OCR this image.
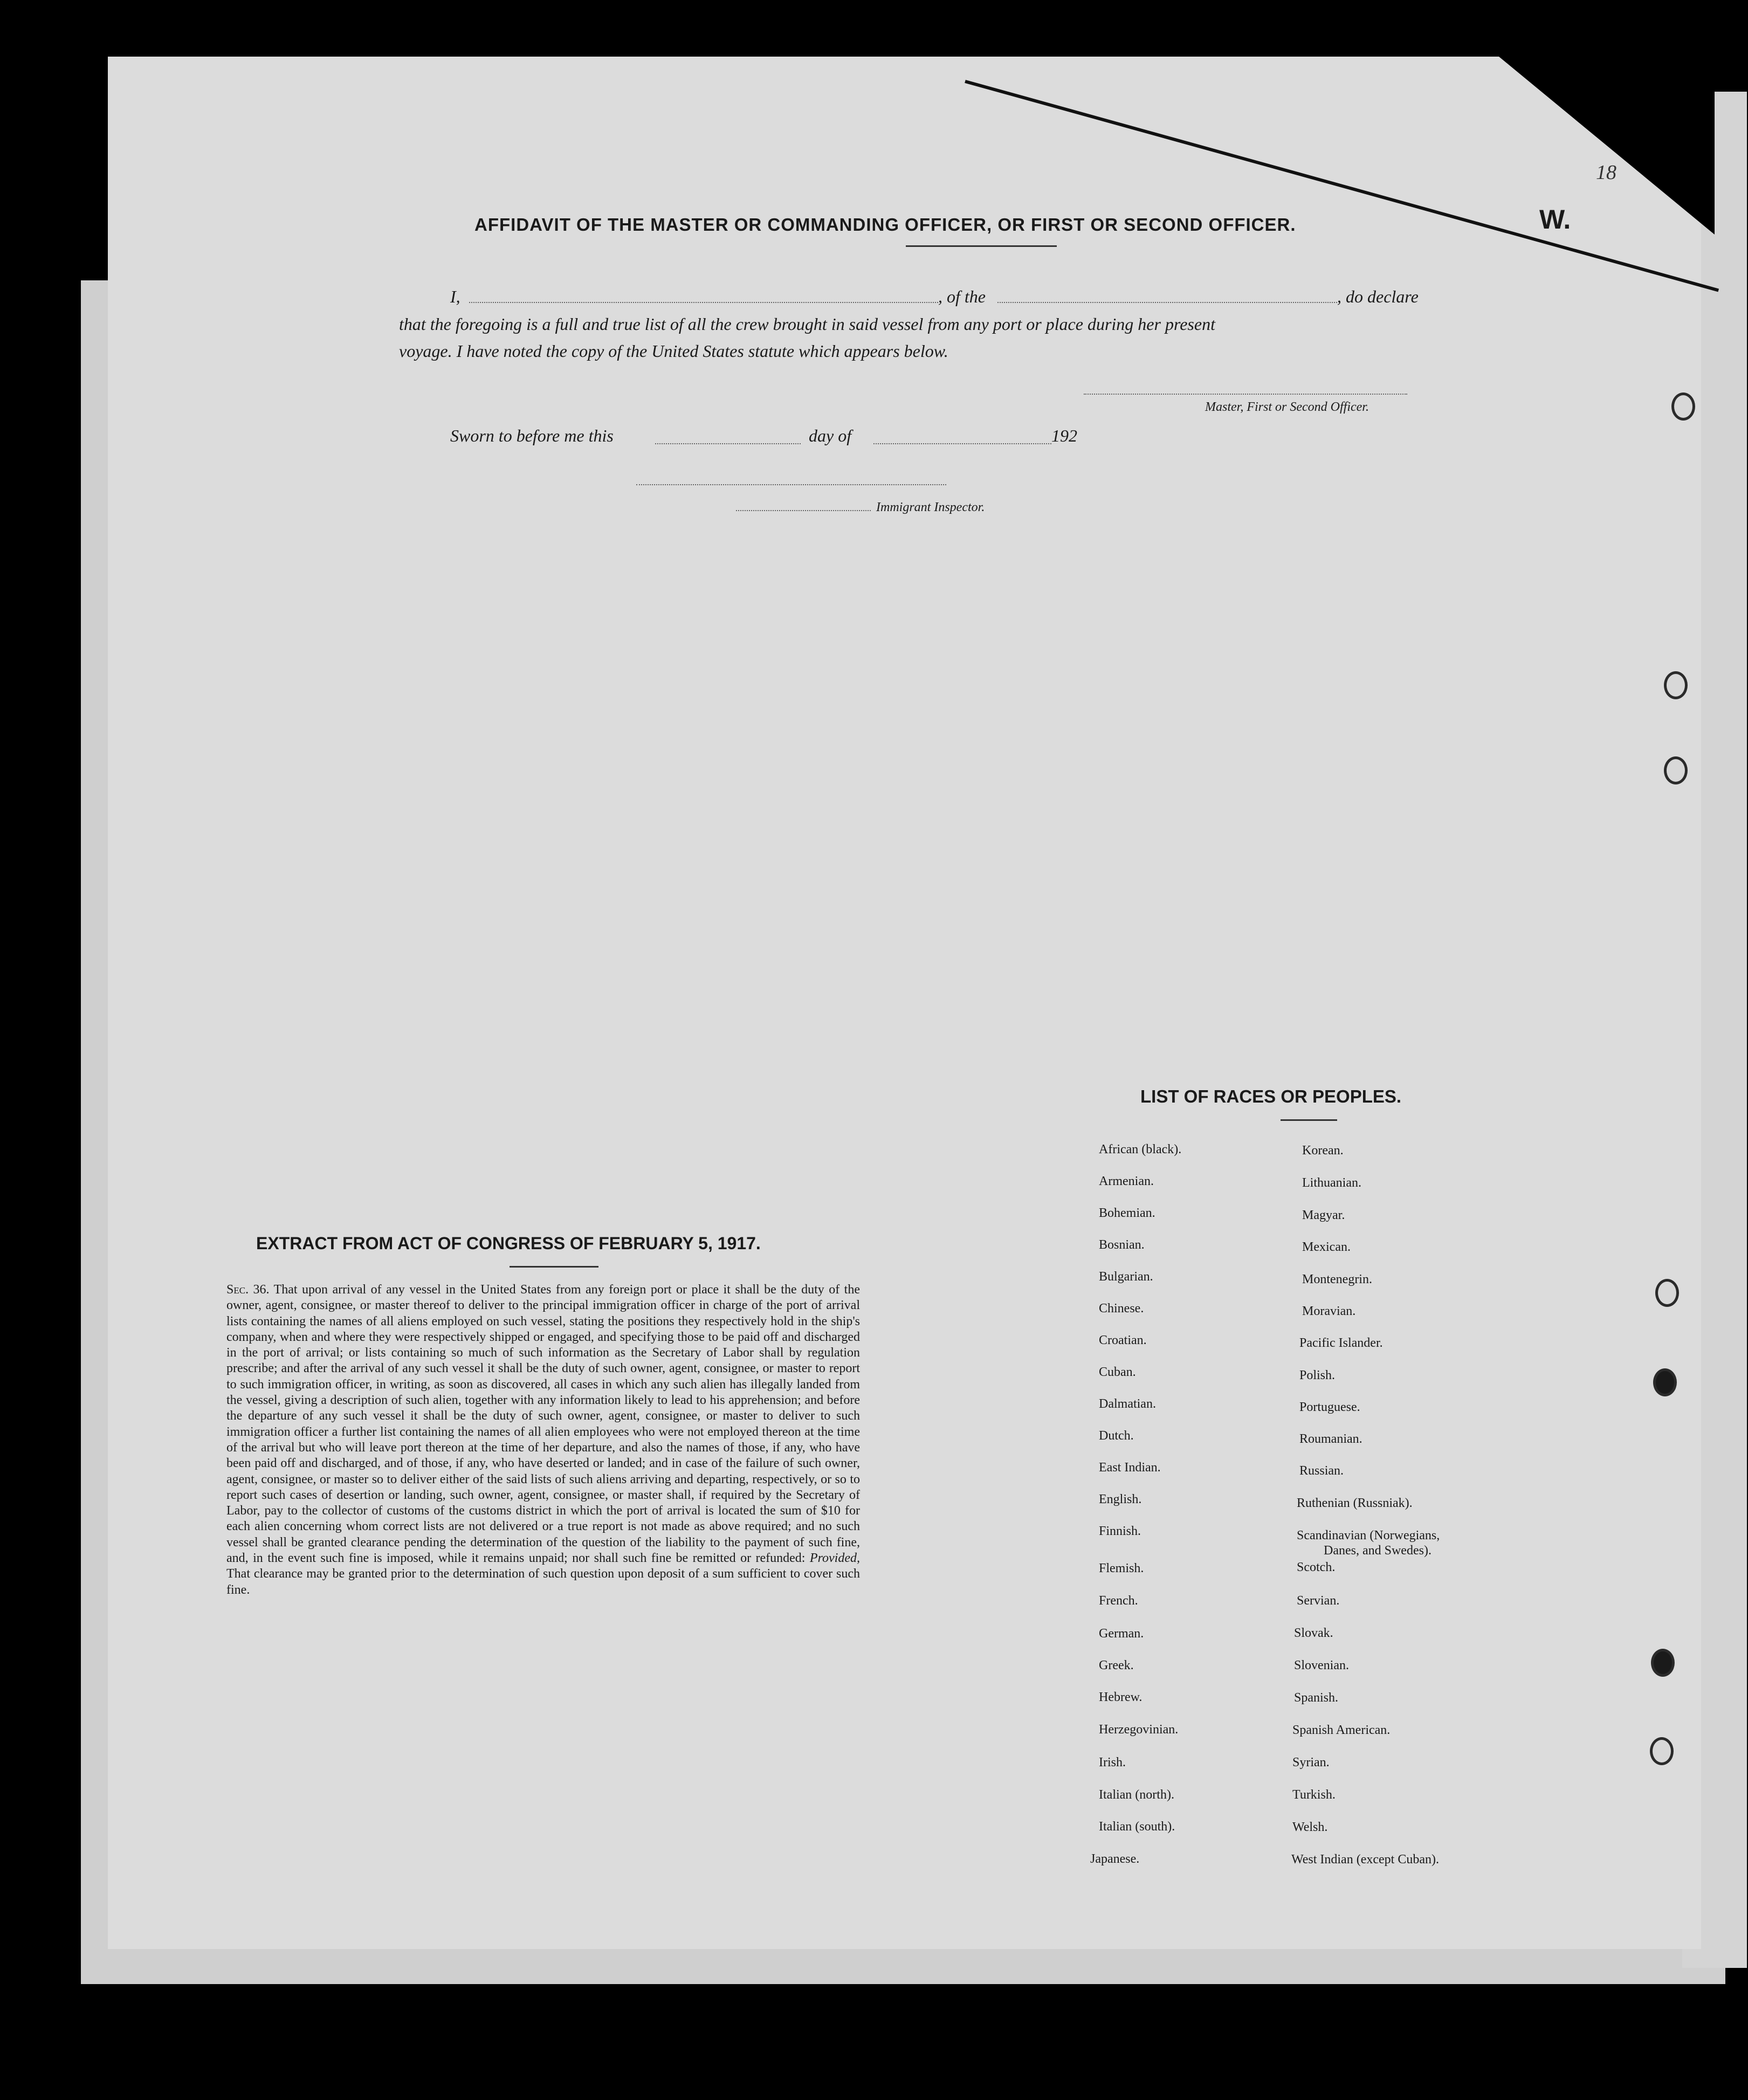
W.
18
AFFIDAVIT OF THE MASTER OR COMMANDING OFFICER, OR FIRST OR SECOND OFFICER.
I,	, of the	, do declare
that the foregoing is a full and true list of all the crew brought in said vessel from any port or place during her present
voyage. I have noted the copy of the United States statute which appears below.
Master, First or Second Officer.
Sworn to before me this	day of	192
Immigrant Inspector.
EXTRACT FROM ACT OF CONGRESS OF FEBRUARY 5, 1917.
Sec. 36. That upon arrival of any vessel in the United States from any foreign port or place it shall be the duty of the owner, agent, consignee, or master thereof to deliver to the principal immigration officer in charge of the port of arrival lists containing the names of all aliens employed on such vessel, stating the positions they respectively hold in the ship's company, when and where they were respectively shipped or engaged, and specifying those to be paid off and discharged in the port of arrival; or lists containing so much of such information as the Secretary of Labor shall by regulation prescribe; and after the arrival of any such vessel it shall be the duty of such owner, agent, consignee, or master to report to such immigration officer, in writing, as soon as discovered, all cases in which any such alien has illegally landed from the vessel, giving a description of such alien, together with any information likely to lead to his apprehension; and before the departure of any such vessel it shall be the duty of such owner, agent, consignee, or master to deliver to such immigration officer a further list containing the names of all alien employees who were not employed thereon at the time of the arrival but who will leave port thereon at the time of her departure, and also the names of those, if any, who have been paid off and discharged, and of those, if any, who have deserted or landed; and in case of the failure of such owner, agent, consignee, or master so to deliver either of the said lists of such aliens arriving and departing, respectively, or so to report such cases of desertion or landing, such owner, agent, consignee, or master shall, if required by the Secretary of Labor, pay to the collector of customs of the customs district in which the port of arrival is located the sum of $10 for each alien concerning whom correct lists are not delivered or a true report is not made as above required; and no such vessel shall be granted clearance pending the determination of the question of the liability to the payment of such fine, and, in the event such fine is imposed, while it remains unpaid; nor shall such fine be remitted or refunded: Provided, That clearance may be granted prior to the determination of such question upon deposit of a sum sufficient to cover such fine.
LIST OF RACES OR PEOPLES.
African (black).
Armenian.
Bohemian.
Bosnian.
Bulgarian.
Chinese.
Croatian.
Cuban.
Dalmatian.
Dutch.
East Indian.
English.
Finnish.
Flemish.
French.
German.
Greek.
Hebrew.
Herzegovinian.
Irish.
Italian (north).
Italian (south).
Japanese.
Korean.
Lithuanian.
Magyar.
Mexican.
Montenegrin.
Moravian.
Pacific Islander.
Polish.
Portuguese.
Roumanian.
Russian.
Ruthenian (Russniak).
Scandinavian (Norwegians,
Danes, and Swedes).
Scotch.
Servian.
Slovak.
Slovenian.
Spanish.
Spanish American.
Syrian.
Turkish.
Welsh.
West Indian (except Cuban).
